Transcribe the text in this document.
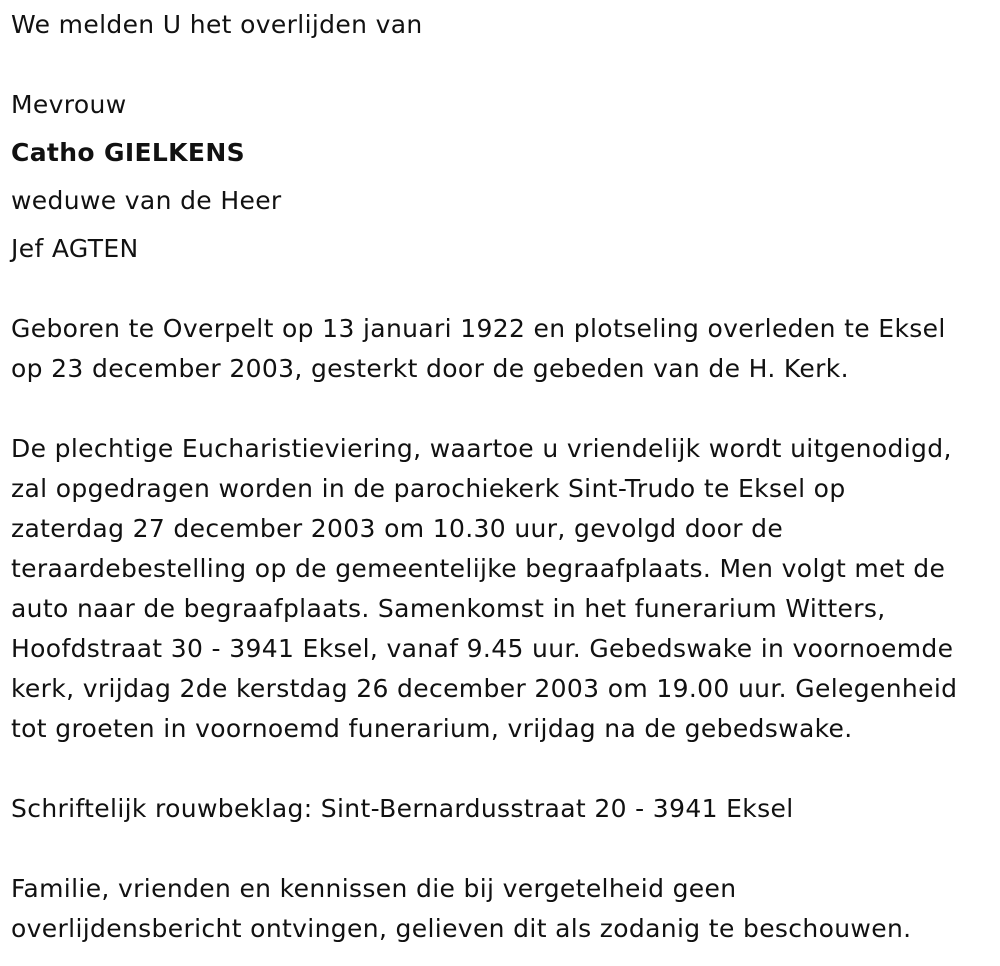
We melden U het overlijden van
Mevrouw
Catho GIELKENS
weduwe van de Heer
Jef AGTEN
Geboren te Overpelt op 13 januari 1922 en plotseling overleden te Eksel
op 23 december 2003, gesterkt door de gebeden van de H. Kerk.
De plechtige Eucharistieviering, waartoe u vriendelijk wordt uitgenodigd,
zal opgedragen worden in de parochiekerk Sint-Trudo te Eksel op
zaterdag 27 december 2003 om 10.30 uur, gevolgd door de
teraardebestelling op de gemeentelijke begraafplaats. Men volgt met de
auto naar de begraafplaats. Samenkomst in het funerarium Witters,
Hoofdstraat 30 - 3941 Eksel, vanaf 9.45 uur. Gebedswake in voornoemde
kerk, vrijdag 2de kerstdag 26 december 2003 om 19.00 uur. Gelegenheid
tot groeten in voornoemd funerarium, vrijdag na de gebedswake.
Schriftelijk rouwbeklag: Sint-Bernardusstraat 20 - 3941 Eksel
Familie, vrienden en kennissen die bij vergetelheid geen
overlijdensbericht ontvingen, gelieven dit als zodanig te beschouwen.
